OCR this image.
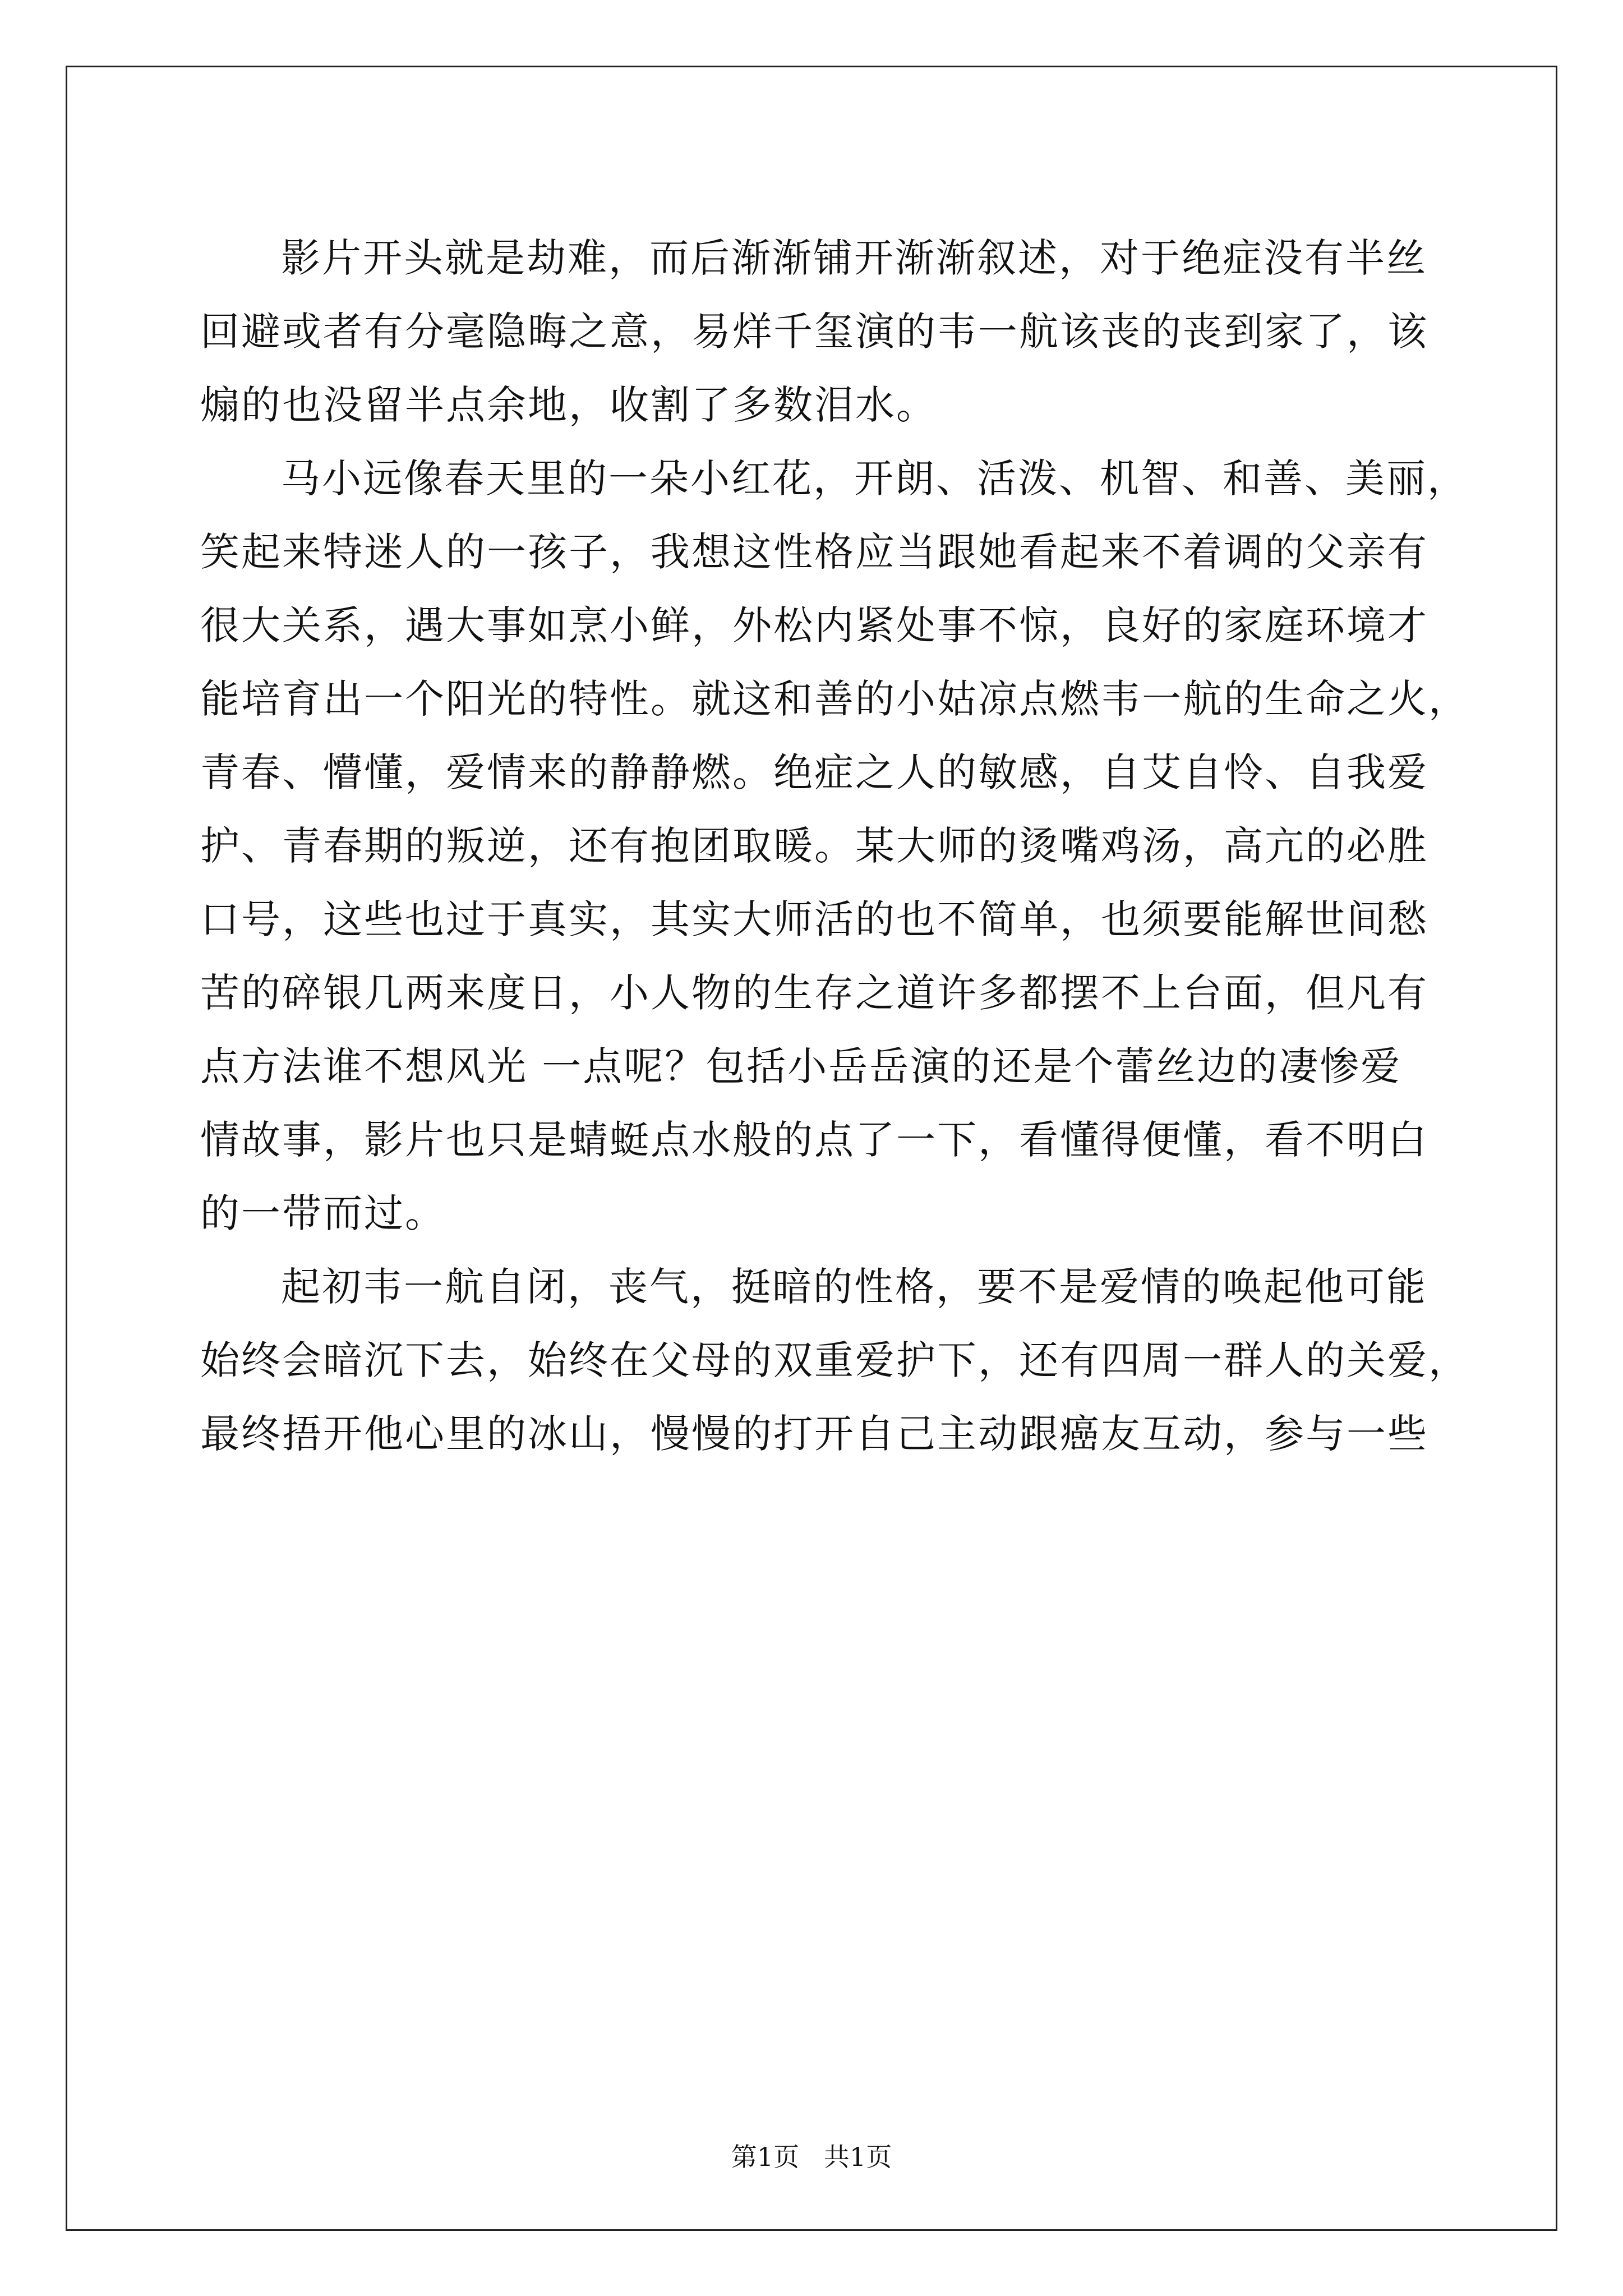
影片开头就是劫难，而后渐渐铺开渐渐叙述，对于绝症没有半丝
回避或者有分毫隐晦之意，易烊千玺演的韦一航该丧的丧到家了，该
煽的也没留半点余地，收割了多数泪水。

马小远像春天里的一朵小红花，开朗、活泼、机智、和善、美丽，
笑起来特迷人的一孩子，我想这性格应当跟她看起来不着调的父亲有
很大关系，遇大事如烹小鲜，外松内紧处事不惊，良好的家庭环境才
能培育出一个阳光的特性。就这和善的小姑凉点燃韦一航的生命之火，
青春、懵懂，爱情来的静静燃。绝症之人的敏感，自艾自怜、自我爱
护、青春期的叛逆，还有抱团取暖。某大师的烫嘴鸡汤，高亢的必胜
口号，这些也过于真实，其实大师活的也不简单，也须要能解世间愁
苦的碎银几两来度日，小人物的生存之道许多都摆不上台面，但凡有
点方法谁不想风光 一点呢？包括小岳岳演的还是个蕾丝边的凄惨爱
情故事，影片也只是蜻蜓点水般的点了一下，看懂得便懂，看不明白
的一带而过。

起初韦一航自闭，丧气，挺暗的性格，要不是爱情的唤起他可能
始终会暗沉下去，始终在父母的双重爱护下，还有四周一群人的关爱，
最终捂开他心里的冰山，慢慢的打开自己主动跟癌友互动，参与一些

第1页   共1页
